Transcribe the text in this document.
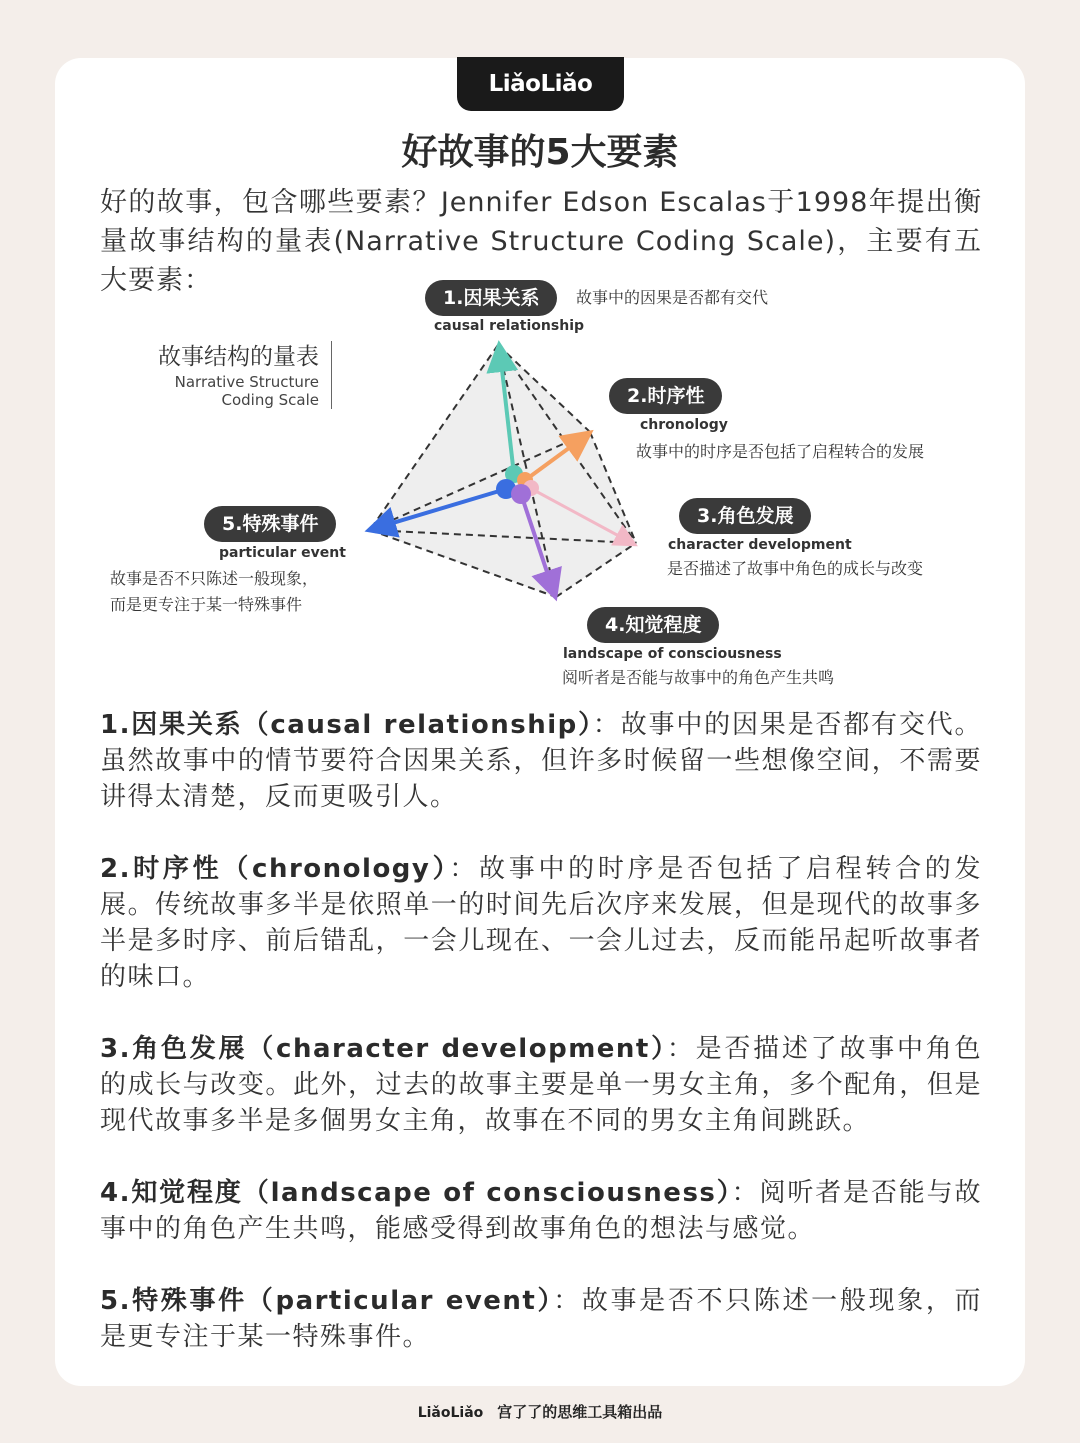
LiǎoLiǎo
好故事的5大要素
好的故事，包含哪些要素？Jennifer Edson Escalas于1998年提出衡量故事结构的量表(Narrative Structure Coding Scale)，主要有五大要素：
故事结构的量表
Narrative Structure
Coding Scale
1.因果关系	故事中的因果是否都有交代
causal relationship
2.时序性
chronology
故事中的时序是否包括了启程转合的发展
3.角色发展
character development
是否描述了故事中角色的成长与改变
4.知觉程度
landscape of consciousness
阅听者是否能与故事中的角色产生共鸣
5.特殊事件
particular event
故事是否不只陈述一般现象，
而是更专注于某一特殊事件
1.因果关系（causal relationship）：故事中的因果是否都有交代。虽然故事中的情节要符合因果关系，但许多时候留一些想像空间，不需要讲得太清楚，反而更吸引人。
2.时序性（chronology）：故事中的时序是否包括了启程转合的发展。传统故事多半是依照单一的时间先后次序来发展，但是现代的故事多半是多时序、前后错乱，一会儿现在、一会儿过去，反而能吊起听故事者的味口。
3.角色发展（character development）：是否描述了故事中角色的成长与改变。此外，过去的故事主要是单一男女主角，多个配角，但是现代故事多半是多個男女主角，故事在不同的男女主角间跳跃。
4.知觉程度（landscape of consciousness）：阅听者是否能与故事中的角色产生共鸣，能感受得到故事角色的想法与感觉。
5.特殊事件（particular event）：故事是否不只陈述一般现象，而是更专注于某一特殊事件。
LiǎoLiǎo 宫了了的思维工具箱出品
